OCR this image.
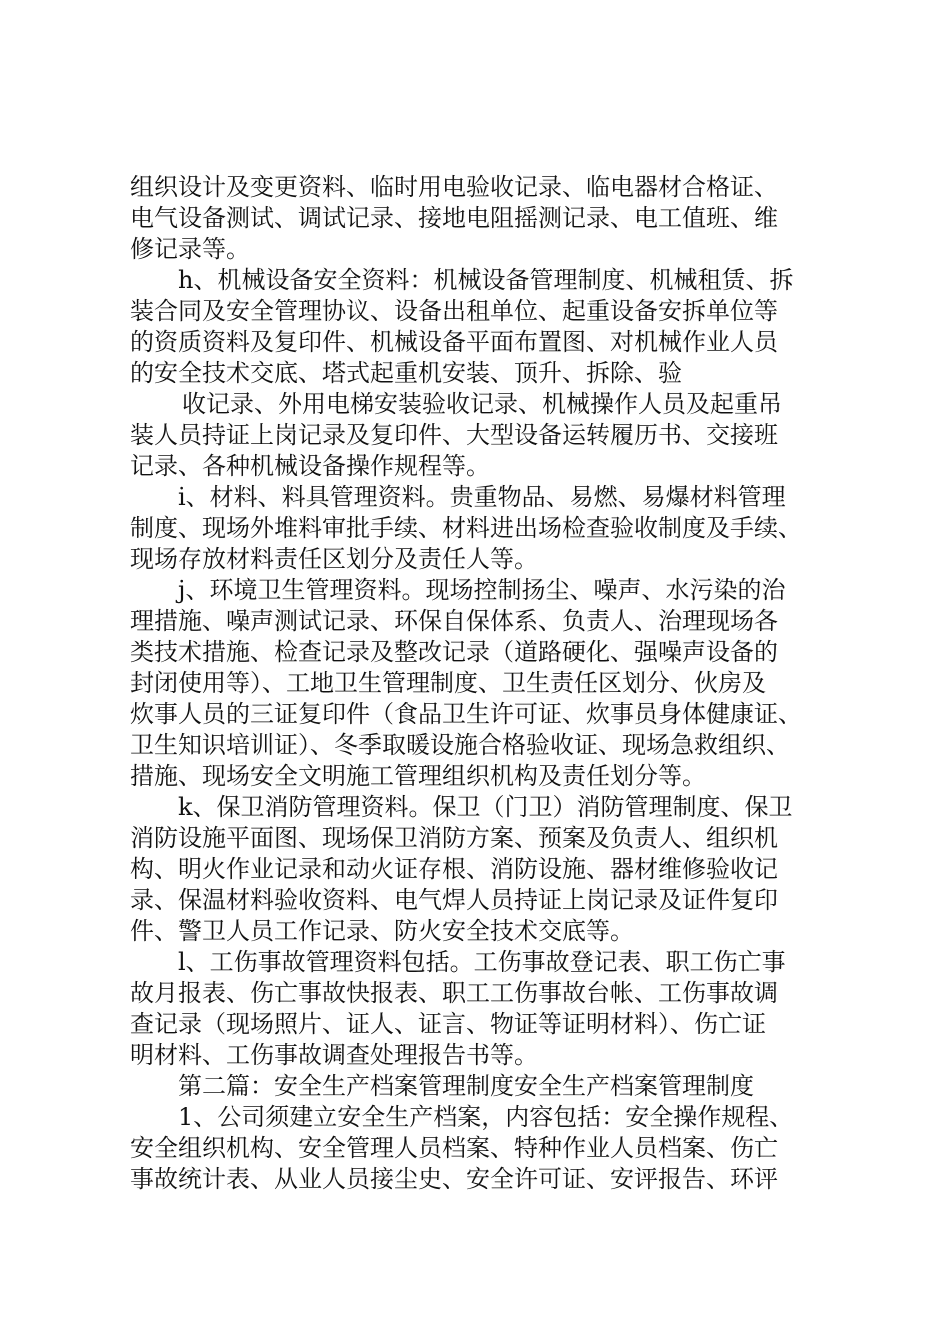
组织设计及变更资料、临时用电验收记录、临电器材合格证、
电气设备测试、调试记录、接地电阻摇测记录、电工值班、维
修记录等。
h、机械设备安全资料：机械设备管理制度、机械租赁、拆
装合同及安全管理协议、设备出租单位、起重设备安拆单位等
的资质资料及复印件、机械设备平面布置图、对机械作业人员
的安全技术交底、塔式起重机安装、顶升、拆除、验
收记录、外用电梯安装验收记录、机械操作人员及起重吊
装人员持证上岗记录及复印件、大型设备运转履历书、交接班
记录、各种机械设备操作规程等。
i、材料、料具管理资料。贵重物品、易燃、易爆材料管理
制度、现场外堆料审批手续、材料进出场检查验收制度及手续、
现场存放材料责任区划分及责任人等。
j、环境卫生管理资料。现场控制扬尘、噪声、水污染的治
理措施、噪声测试记录、环保自保体系、负责人、治理现场各
类技术措施、检查记录及整改记录（道路硬化、强噪声设备的
封闭使用等）、工地卫生管理制度、卫生责任区划分、伙房及
炊事人员的三证复印件（食品卫生许可证、炊事员身体健康证、
卫生知识培训证）、冬季取暖设施合格验收证、现场急救组织、
措施、现场安全文明施工管理组织机构及责任划分等。
k、保卫消防管理资料。保卫（门卫）消防管理制度、保卫
消防设施平面图、现场保卫消防方案、预案及负责人、组织机
构、明火作业记录和动火证存根、消防设施、器材维修验收记
录、保温材料验收资料、电气焊人员持证上岗记录及证件复印
件、警卫人员工作记录、防火安全技术交底等。
l、工伤事故管理资料包括。工伤事故登记表、职工伤亡事
故月报表、伤亡事故快报表、职工工伤事故台帐、工伤事故调
查记录（现场照片、证人、证言、物证等证明材料）、伤亡证
明材料、工伤事故调查处理报告书等。
第二篇：安全生产档案管理制度安全生产档案管理制度
1、公司须建立安全生产档案，内容包括：安全操作规程、
安全组织机构、安全管理人员档案、特种作业人员档案、伤亡
事故统计表、从业人员接尘史、安全许可证、安评报告、环评
